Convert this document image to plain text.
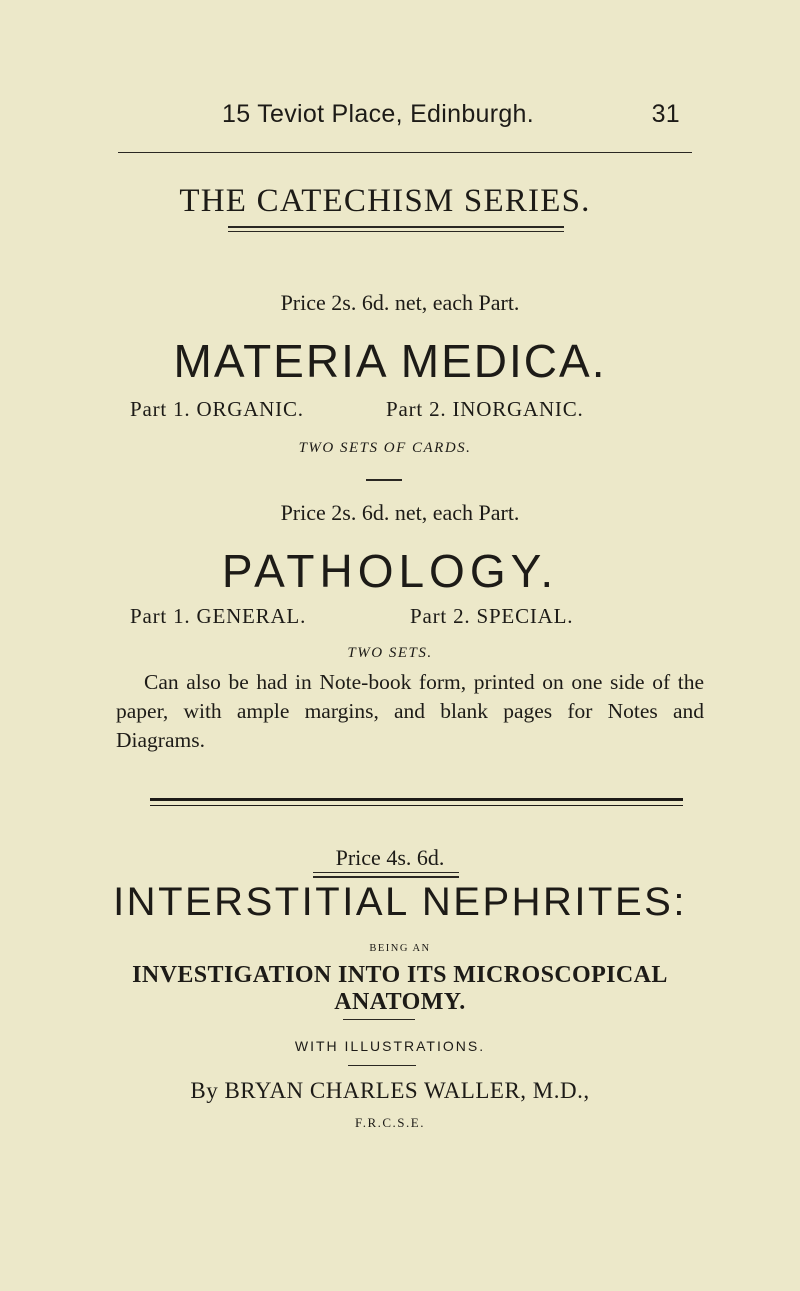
15 Teviot Place, Edinburgh.	31
THE CATECHISM SERIES.
Price 2s. 6d. net, each Part.
MATERIA MEDICA.
Part 1. ORGANIC.	Part 2. INORGANIC.
TWO SETS OF CARDS.
Price 2s. 6d. net, each Part.
PATHOLOGY.
Part 1. GENERAL.	Part 2. SPECIAL.
TWO SETS.
Can also be had in Note-book form, printed on one side of the paper, with ample margins, and blank pages for Notes and Diagrams.
Price 4s. 6d.
INTERSTITIAL NEPHRITES:
BEING AN
INVESTIGATION INTO ITS MICROSCOPICAL ANATOMY.
WITH ILLUSTRATIONS.
By BRYAN CHARLES WALLER, M.D.,
F.R.C.S.E.
